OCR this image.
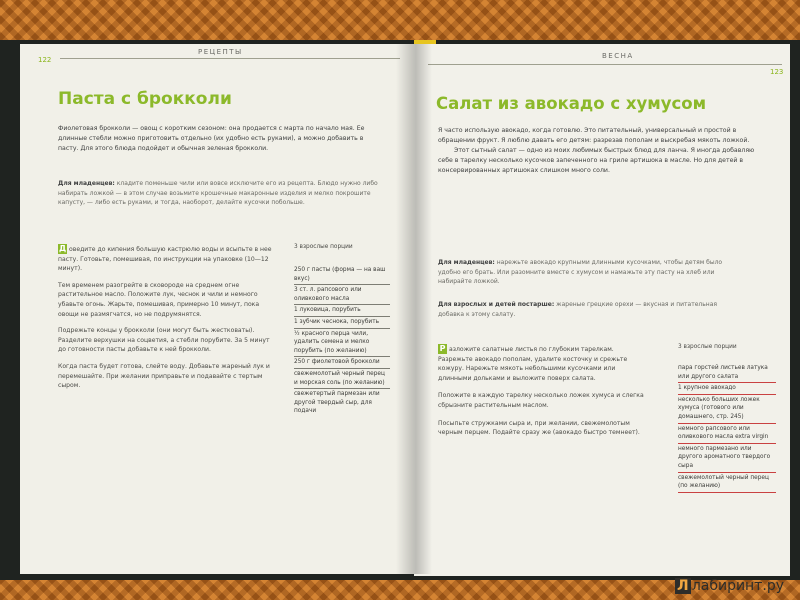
122
РЕЦЕПТЫ
Паста с брокколи
Фиолетовая брокколи — овощ с коротким сезоном: она продается с марта по начало мая. Ее длинные стебли можно приготовить отдельно (их удобно есть руками), а можно добавить в пасту. Для этого блюда подойдет и обычная зеленая брокколи.
Для младенцев: кладите поменьше чили или вовсе исключите его из рецепта. Блюдо нужно либо набирать ложкой — в этом случае возьмите крошечные макаронные изделия и мелко покрошите капусту, — либо есть руками, и тогда, наоборот, делайте кусочки побольше.

Д оведите до кипения большую кастрюлю воды и всыпьте в нее пасту. Готовьте, помешивая, по инструкции на упаковке (10—12 минут).

Тем временем разогрейте в сковороде на среднем огне растительное масло. Положите лук, чеснок и чили и немного убавьте огонь. Жарьте, помешивая, примерно 10 минут, пока овощи не размягчатся, но не подрумянятся.

Подрежьте концы у брокколи (они могут быть жестковаты). Разделите верхушки на соцветия, а стебли порубите. За 5 минут до готовности пасты добавьте к ней брокколи.

Когда паста будет готова, слейте воду. Добавьте жареный лук и перемешайте. При желании приправьте и подавайте с тертым сыром.

3 взрослые порции
250 г пасты (форма — на ваш вкус)
3 ст. л. рапсового или оливкового масла
1 луковица, порубить
1 зубчик чеснока, порубить
½ красного перца чили, удалить семена и мелко порубить (по желанию)
250 г фиолетовой брокколи
свежемолотый черный перец и морская соль (по желанию)
свежетертый пармезан или другой твердый сыр, для подачи
ВЕСНА
123
Салат из авокадо с хумусом
Я часто использую авокадо, когда готовлю. Это питательный, универсальный и простой в обращении фрукт. Я люблю давать его детям: разрезав пополам и выскребая мякоть ложкой.
Этот сытный салат — одно из моих любимых быстрых блюд для ланча. Я иногда добавляю себе в тарелку несколько кусочков запеченного на гриле артишока в масле. Но для детей в консервированных артишоках слишком много соли.
Для младенцев: нарежьте авокадо крупными длинными кусочками, чтобы детям было удобно его брать. Или разомните вместе с хумусом и намажьте эту пасту на хлеб или набирайте ложкой.
Для взрослых и детей постарше: жареные грецкие орехи — вкусная и питательная добавка к этому салату.

Р азложите салатные листья по глубоким тарелкам. Разрежьте авокадо пополам, удалите косточку и срежьте кожуру. Нарежьте мякоть небольшими кусочками или длинными дольками и выложите поверх салата.

Положите в каждую тарелку несколько ложек хумуса и слегка сбрызните растительным маслом.

Посыпьте стружками сыра и, при желании, свежемолотым черным перцем. Подайте сразу же (авокадо быстро темнеет).

3 взрослые порции
пара горстей листьев латука или другого салата
1 крупное авокадо
несколько больших ложек хумуса (готового или домашнего, стр. 245)
немного рапсового или оливкового масла extra virgin
немного пармезано или другого ароматного твердого сыра
свежемолотый черный перец (по желанию)
Л лабиринт.ру
